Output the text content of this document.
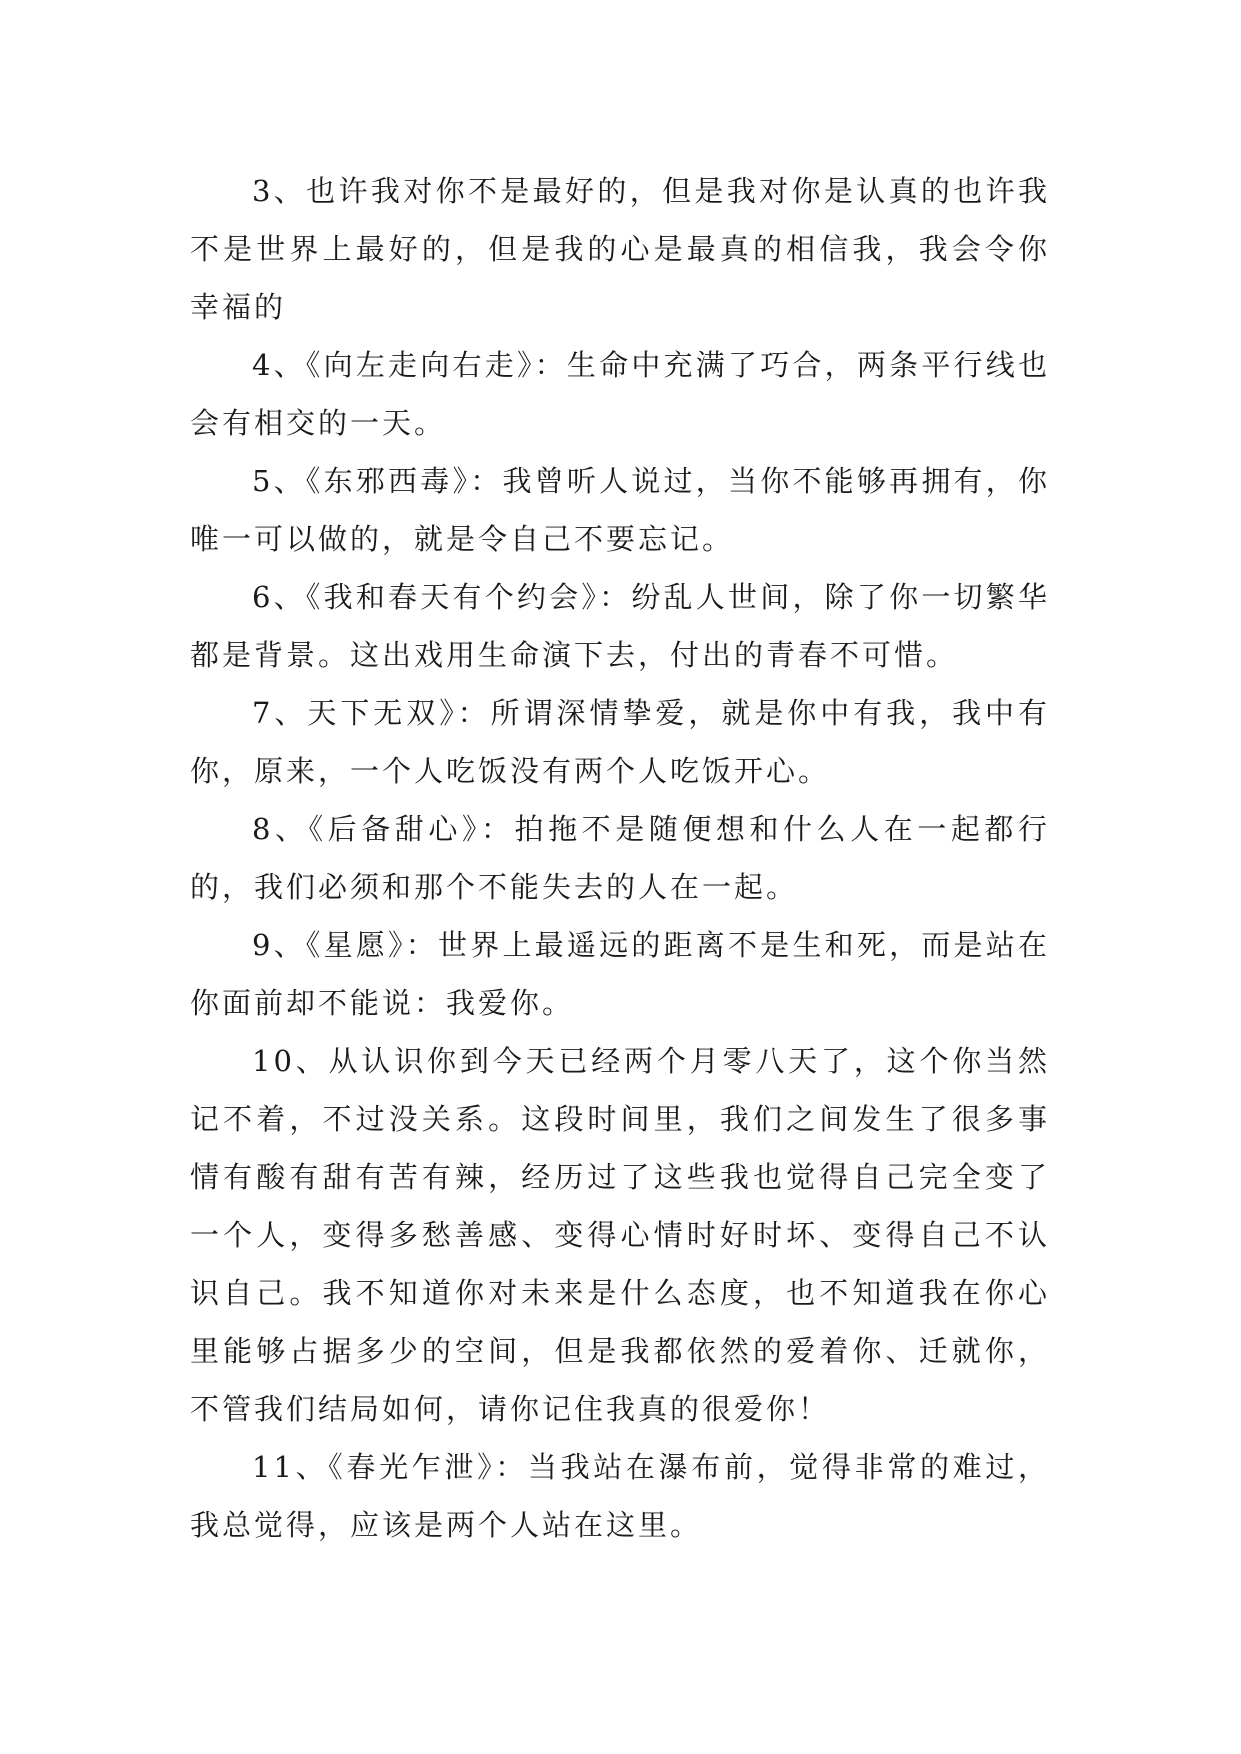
3、也许我对你不是最好的，但是我对你是认真的也许我不是世界上最好的，但是我的心是最真的相信我，我会令你幸福的

4、《向左走向右走》：生命中充满了巧合，两条平行线也会有相交的一天。

5、《东邪西毒》：我曾听人说过，当你不能够再拥有，你唯一可以做的，就是令自己不要忘记。

6、《我和春天有个约会》：纷乱人世间，除了你一切繁华都是背景。这出戏用生命演下去，付出的青春不可惜。

7、天下无双》：所谓深情挚爱，就是你中有我，我中有你，原来，一个人吃饭没有两个人吃饭开心。

8、《后备甜心》：拍拖不是随便想和什么人在一起都行的，我们必须和那个不能失去的人在一起。

9、《星愿》：世界上最遥远的距离不是生和死，而是站在你面前却不能说：我爱你。

10、从认识你到今天已经两个月零八天了，这个你当然记不着，不过没关系。这段时间里，我们之间发生了很多事情有酸有甜有苦有辣，经历过了这些我也觉得自己完全变了一个人，变得多愁善感、变得心情时好时坏、变得自己不认识自己。我不知道你对未来是什么态度，也不知道我在你心里能够占据多少的空间，但是我都依然的爱着你、迁就你，不管我们结局如何，请你记住我真的很爱你！

11、《春光乍泄》：当我站在瀑布前，觉得非常的难过，我总觉得，应该是两个人站在这里。
